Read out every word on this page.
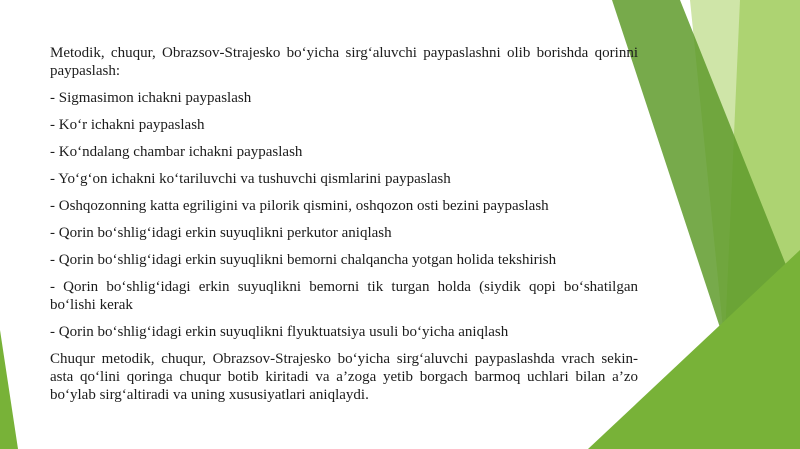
Metodik, chuqur, Obrazsov-Strajesko bo‘yicha sirg‘aluvchi paypaslashni olib borishda qorinni paypaslash:

- Sigmasimon ichakni paypaslash

- Ko‘r ichakni paypaslash

- Ko‘ndalang chambar ichakni paypaslash

- Yo‘g‘on ichakni ko‘tariluvchi va tushuvchi qismlarini paypaslash

- Oshqozonning katta egriligini va pilorik qismini, oshqozon osti bezini paypaslash

- Qorin bo‘shlig‘idagi erkin suyuqlikni perkutor aniqlash

- Qorin bo‘shlig‘idagi erkin suyuqlikni bemorni chalqancha yotgan holida tekshirish

- Qorin bo‘shlig‘idagi erkin suyuqlikni bemorni tik turgan holda (siydik qopi bo‘shatilgan bo‘lishi kerak

- Qorin bo‘shlig‘idagi erkin suyuqlikni flyuktuatsiya usuli bo‘yicha aniqlash

Chuqur metodik, chuqur, Obrazsov-Strajesko bo‘yicha sirg‘aluvchi paypaslashda vrach sekin-asta qo‘lini qoringa chuqur botib kiritadi va a’zoga yetib borgach barmoq uchlari bilan a’zo bo‘ylab sirg‘altiradi va uning xususiyatlari aniqlaydi.
